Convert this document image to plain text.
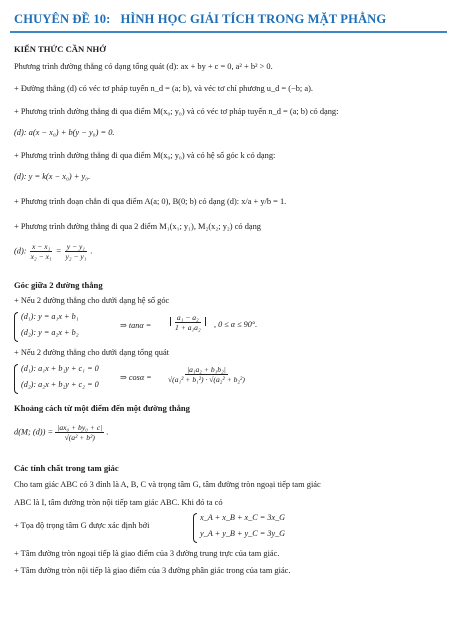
CHUYÊN ĐỀ 10: HÌNH HỌC GIẢI TÍCH TRONG MẶT PHẲNG
KIẾN THỨC CẦN NHỚ
Phương trình đường thẳng có dạng tổng quát (d): ax + by + c = 0, a² + b² > 0.
+ Đường thẳng (d) có véc tơ pháp tuyến n_d = (a; b), và véc tơ chỉ phương u_d = (−b; a).
+ Phương trình đường thẳng đi qua điểm M(x₀; y₀) và có véc tơ pháp tuyến n_d = (a; b) có dạng:
(d): a(x − x₀) + b(y − y₀) = 0.
+ Phương trình đường thẳng đi qua điểm M(x₀; y₀) và có hệ số góc k có dạng:
(d): y = k(x − x₀) + y₀.
+ Phương trình đoạn chắn đi qua điểm A(a; 0), B(0; b) có dạng (d): x/a + y/b = 1.
+ Phương trình đường thẳng đi qua 2 điểm M₁(x₁; y₁), M₂(x₂; y₂) có dạng
(d): $\frac{\text{x − x₁}}{\text{x₂ − x₁}} = \frac{\text{y − y₁}}{\text{y₂ − y₁}}$ .
Góc giữa 2 đường thẳng
+ Nếu 2 đường thẳng cho dưới dạng hệ số góc
(d₁): y = a₁x + b₁
(d₂): y = a₂x + b₂
⇒ tanα =	$\frac{\text{a₁ − a₂}}{\text{1 + a₁a₂}}$ , 0 ≤ α ≤ 90°.
+ Nếu 2 đường thẳng cho dưới dạng tổng quát
(d₁): a₁x + b₁y + c₁ = 0
(d₂): a₂x + b₂y + c₂ = 0
⇒ $\cos\alpha = \frac{\text{|a₁a₂ + b₁b₂|}}{\text{√(a₁² + b₁²) · √(a₂² + b₂²)}}$
Khoảng cách từ một điểm đến một đường thẳng
d(M; $(d)) = \frac{\text{|ax₀ + by₀ + c|}}{\text{√(a² + b²)}}$ .
Các tính chất trong tam giác
Cho tam giác ABC có 3 đỉnh là A, B, C và trọng tâm G, tâm đường tròn ngoại tiếp tam giác
ABC là I, tâm đường tròn nội tiếp tam giác ABC. Khi đó ta có
+ Tọa độ trọng tâm G được xác định bởi
x_A + x_B + x_C = 3x_G
y_A + y_B + y_C = 3y_G
+ Tâm đường tròn ngoại tiếp là giao điểm của 3 đường trung trực của tam giác.
+ Tâm đường tròn nội tiếp là giao điểm của 3 đường phân giác trong của tam giác.
